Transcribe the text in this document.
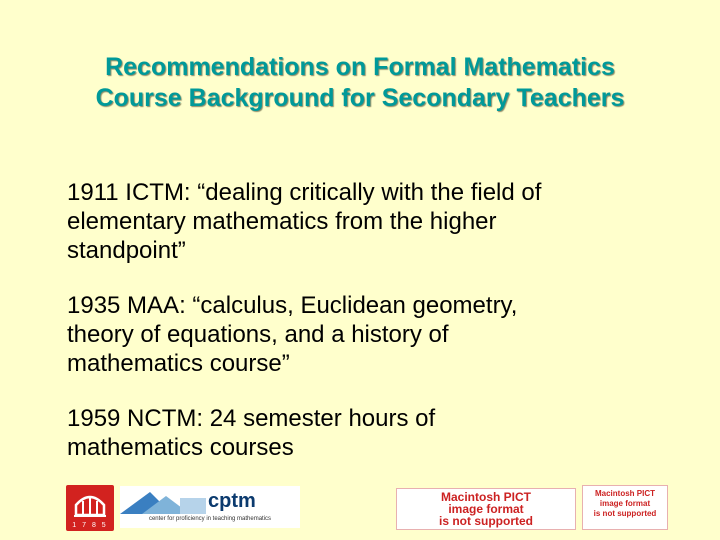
Recommendations on Formal Mathematics
Course Background for Secondary Teachers
1911 ICTM: “dealing critically with the field of
elementary mathematics from the higher
standpoint”
1935 MAA: “calculus, Euclidean geometry,
theory of equations, and a history of
mathematics course”
1959 NCTM: 24 semester hours of
mathematics courses
1 7 8 5
cptm
center for proficiency in teaching mathematics
Macintosh PICT
image format
is not supported
Macintosh PICT
image format
is not supported
